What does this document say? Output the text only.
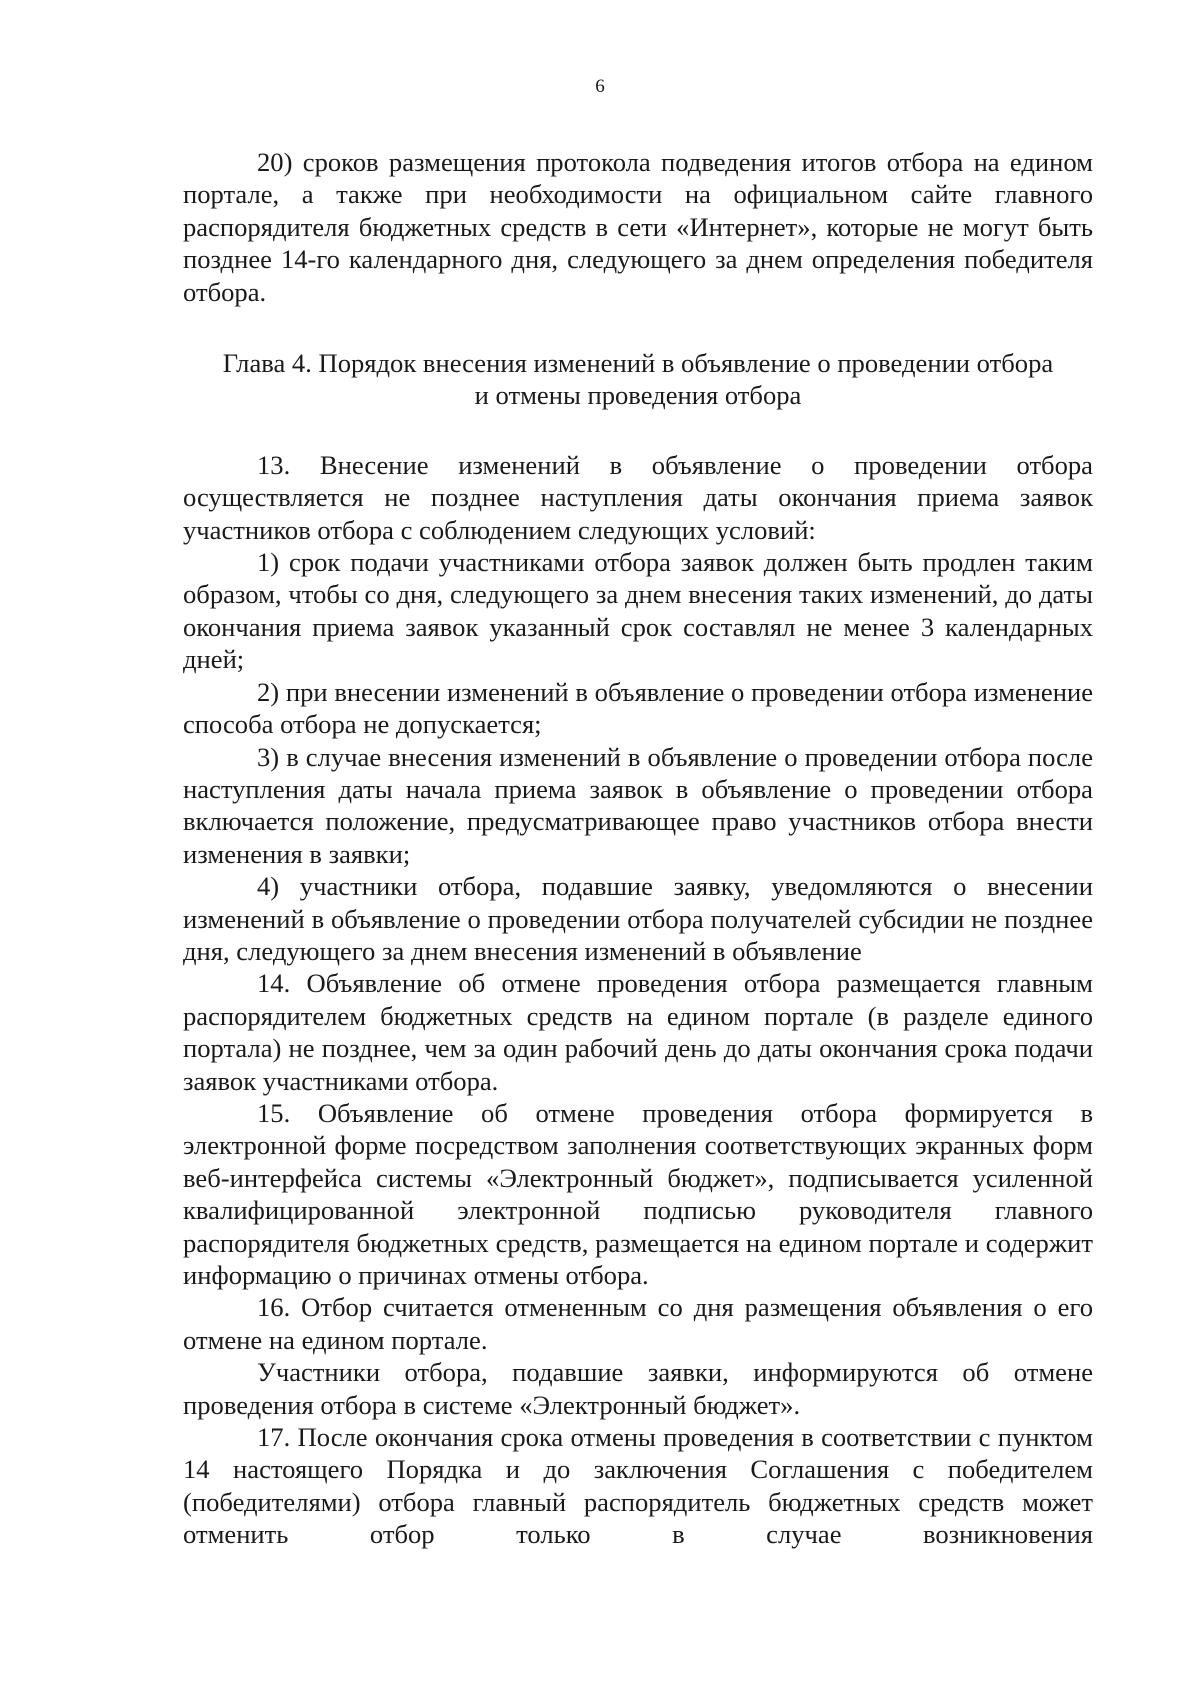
6

20) сроков размещения протокола подведения итогов отбора на едином портале, а также при необходимости на официальном сайте главного распорядителя бюджетных средств в сети «Интернет», которые не могут быть позднее 14-го календарного дня, следующего за днем определения победителя отбора.

Глава 4. Порядок внесения изменений в объявление о проведении отбора
и отмены проведения отбора

13. Внесение изменений в объявление о проведении отбора осуществляется не позднее наступления даты окончания приема заявок участников отбора с соблюдением следующих условий:

1) срок подачи участниками отбора заявок должен быть продлен таким образом, чтобы со дня, следующего за днем внесения таких изменений, до даты окончания приема заявок указанный срок составлял не менее 3 календарных дней;

2) при внесении изменений в объявление о проведении отбора изменение способа отбора не допускается;

3) в случае внесения изменений в объявление о проведении отбора после наступления даты начала приема заявок в объявление о проведении отбора включается положение, предусматривающее право участников отбора внести изменения в заявки;

4) участники отбора, подавшие заявку, уведомляются о внесении изменений в объявление о проведении отбора получателей субсидии не позднее дня, следующего за днем внесения изменений в объявление

14. Объявление об отмене проведения отбора размещается главным распорядителем бюджетных средств на едином портале (в разделе единого портала) не позднее, чем за один рабочий день до даты окончания срока подачи заявок участниками отбора.

15. Объявление об отмене проведения отбора формируется в электронной форме посредством заполнения соответствующих экранных форм веб-интерфейса системы «Электронный бюджет», подписывается усиленной квалифицированной электронной подписью руководителя главного распорядителя бюджетных средств, размещается на едином портале и содержит информацию о причинах отмены отбора.

16. Отбор считается отмененным со дня размещения объявления о его отмене на едином портале.

Участники отбора, подавшие заявки, информируются об отмене проведения отбора в системе «Электронный бюджет».

17. После окончания срока отмены проведения в соответствии с пунктом 14 настоящего Порядка и до заключения Соглашения с победителем (победителями) отбора главный распорядитель бюджетных средств может отменить отбор только в случае возникновения
